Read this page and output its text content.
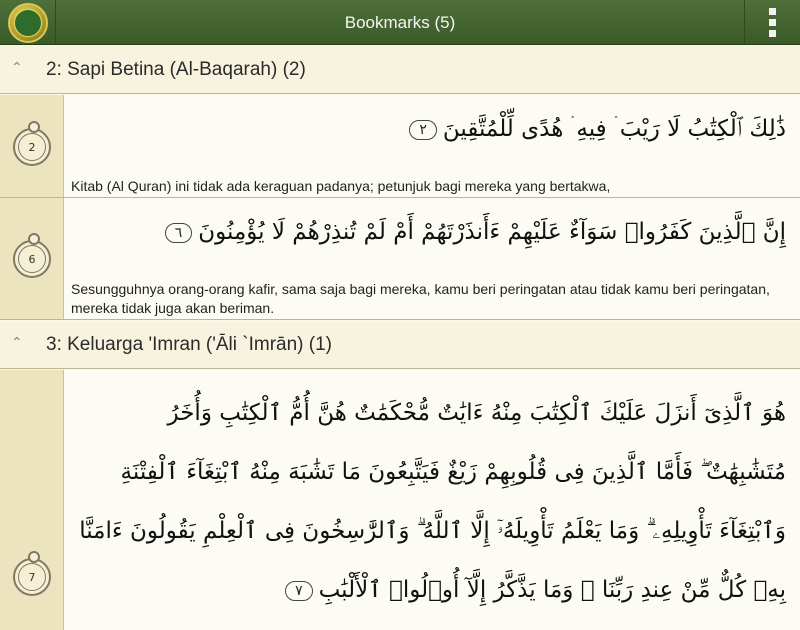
Bookmarks (5)
⌃ 2: Sapi Betina (Al-Baqarah) (2)
2
ذَٰلِكَ ٱلْكِتَٰبُ لَا رَيْبَ ۛ فِيهِ ۛ هُدًى لِّلْمُتَّقِينَ٢
Kitab (Al Quran) ini tidak ada keraguan padanya; petunjuk bagi mereka yang bertakwa,
6
إِنَّ ٱلَّذِينَ كَفَرُوا۟ سَوَآءٌ عَلَيْهِمْ ءَأَنذَرْتَهُمْ أَمْ لَمْ تُنذِرْهُمْ لَا يُؤْمِنُونَ٦
Sesungguhnya orang-orang kafir, sama saja bagi mereka, kamu beri peringatan atau tidak kamu beri peringatan, mereka tidak juga akan beriman.
⌃ 3: Keluarga 'Imran ('Āli `Imrān) (1)
7
هُوَ ٱلَّذِىٓ أَنزَلَ عَلَيْكَ ٱلْكِتَٰبَ مِنْهُ ءَايَٰتٌ مُّحْكَمَٰتٌ هُنَّ أُمُّ ٱلْكِتَٰبِ وَأُخَرُ
مُتَشَٰبِهَٰتٌ ۖ فَأَمَّا ٱلَّذِينَ فِى قُلُوبِهِمْ زَيْغٌ فَيَتَّبِعُونَ مَا تَشَٰبَهَ مِنْهُ ٱبْتِغَآءَ ٱلْفِتْنَةِ
وَٱبْتِغَآءَ تَأْوِيلِهِۦ ۗ وَمَا يَعْلَمُ تَأْوِيلَهُۥٓ إِلَّا ٱللَّهُ ۗ وَٱلرَّٰسِخُونَ فِى ٱلْعِلْمِ يَقُولُونَ ءَامَنَّا
بِهِۦ كُلٌّ مِّنْ عِندِ رَبِّنَا ۗ وَمَا يَذَّكَّرُ إِلَّآ أُو۟لُوا۟ ٱلْأَلْبَٰبِ٧
